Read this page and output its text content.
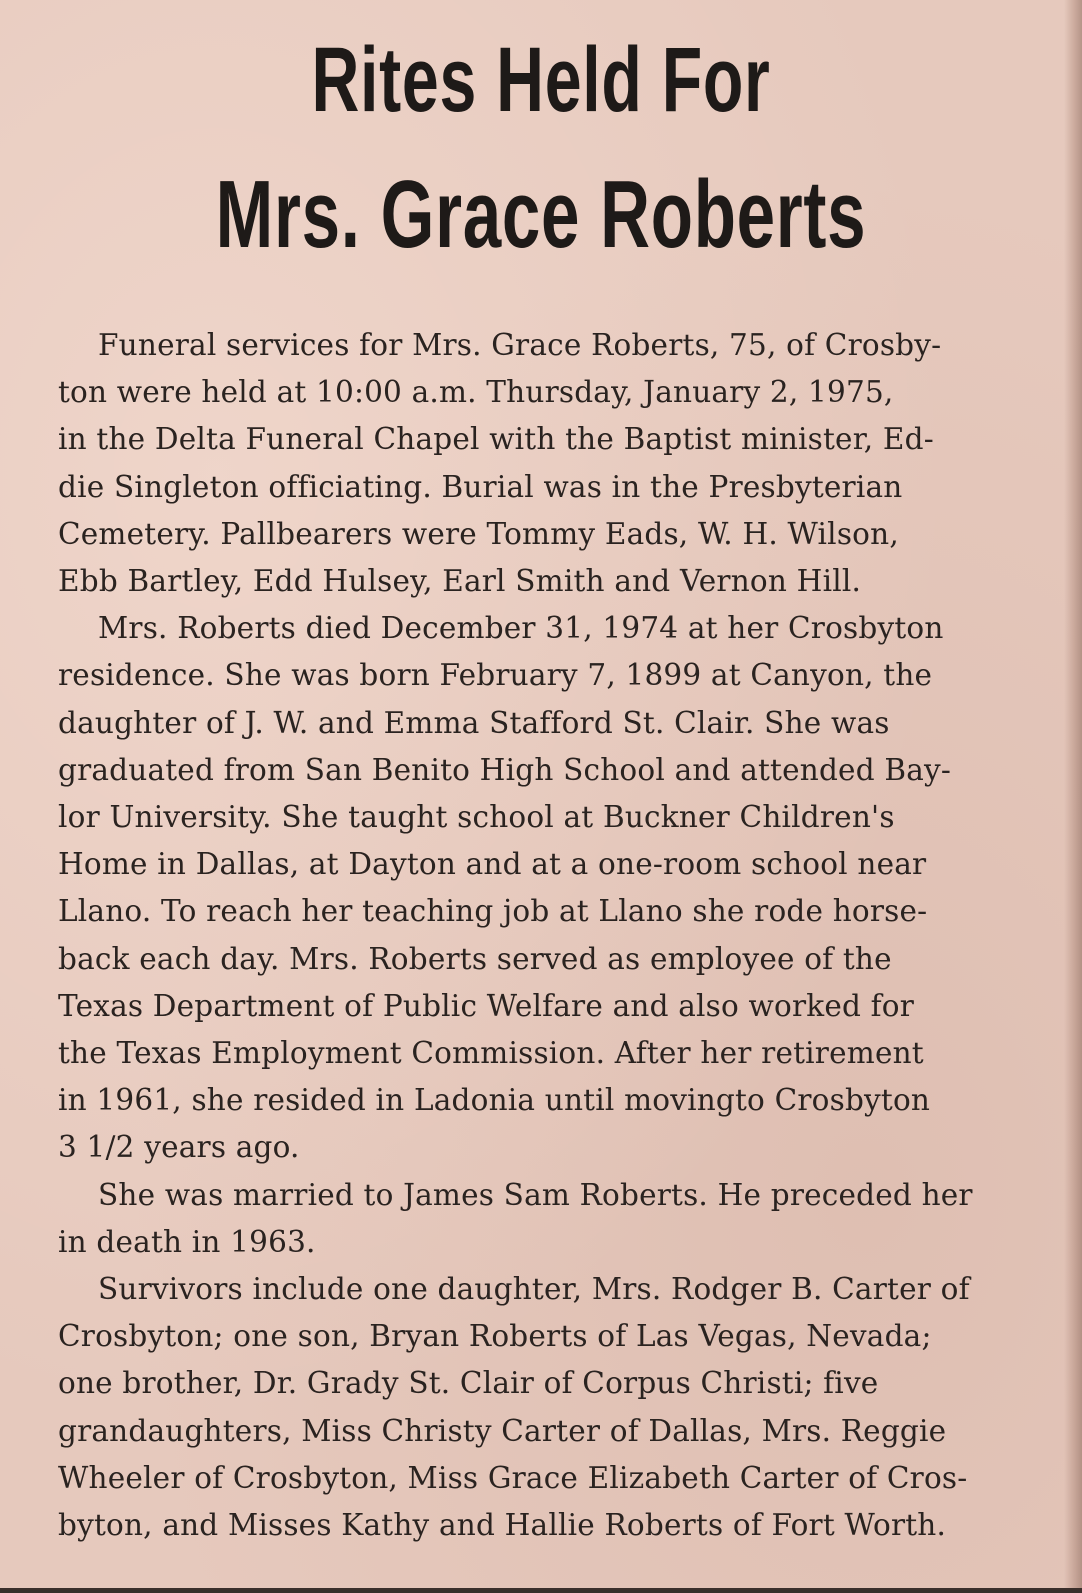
Rites Held For
Mrs. Grace Roberts
Funeral services for Mrs. Grace Roberts, 75, of Crosby-
ton were held at 10:00 a.m. Thursday, January 2, 1975,
in the Delta Funeral Chapel with the Baptist minister, Ed-
die Singleton officiating. Burial was in the Presbyterian
Cemetery. Pallbearers were Tommy Eads, W. H. Wilson,
Ebb Bartley, Edd Hulsey, Earl Smith and Vernon Hill.
Mrs. Roberts died December 31, 1974 at her Crosbyton
residence. She was born February 7, 1899 at Canyon, the
daughter of J. W. and Emma Stafford St. Clair. She was
graduated from San Benito High School and attended Bay-
lor University. She taught school at Buckner Children's
Home in Dallas, at Dayton and at a one-room school near
Llano. To reach her teaching job at Llano she rode horse-
back each day. Mrs. Roberts served as employee of the
Texas Department of Public Welfare and also worked for
the Texas Employment Commission. After her retirement
in 1961, she resided in Ladonia until movingto Crosbyton
3 1/2 years ago.
She was married to James Sam Roberts. He preceded her
in death in 1963.
Survivors include one daughter, Mrs. Rodger B. Carter of
Crosbyton; one son, Bryan Roberts of Las Vegas, Nevada;
one brother, Dr. Grady St. Clair of Corpus Christi; five
grandaughters, Miss Christy Carter of Dallas, Mrs. Reggie
Wheeler of Crosbyton, Miss Grace Elizabeth Carter of Cros-
byton, and Misses Kathy and Hallie Roberts of Fort Worth.
